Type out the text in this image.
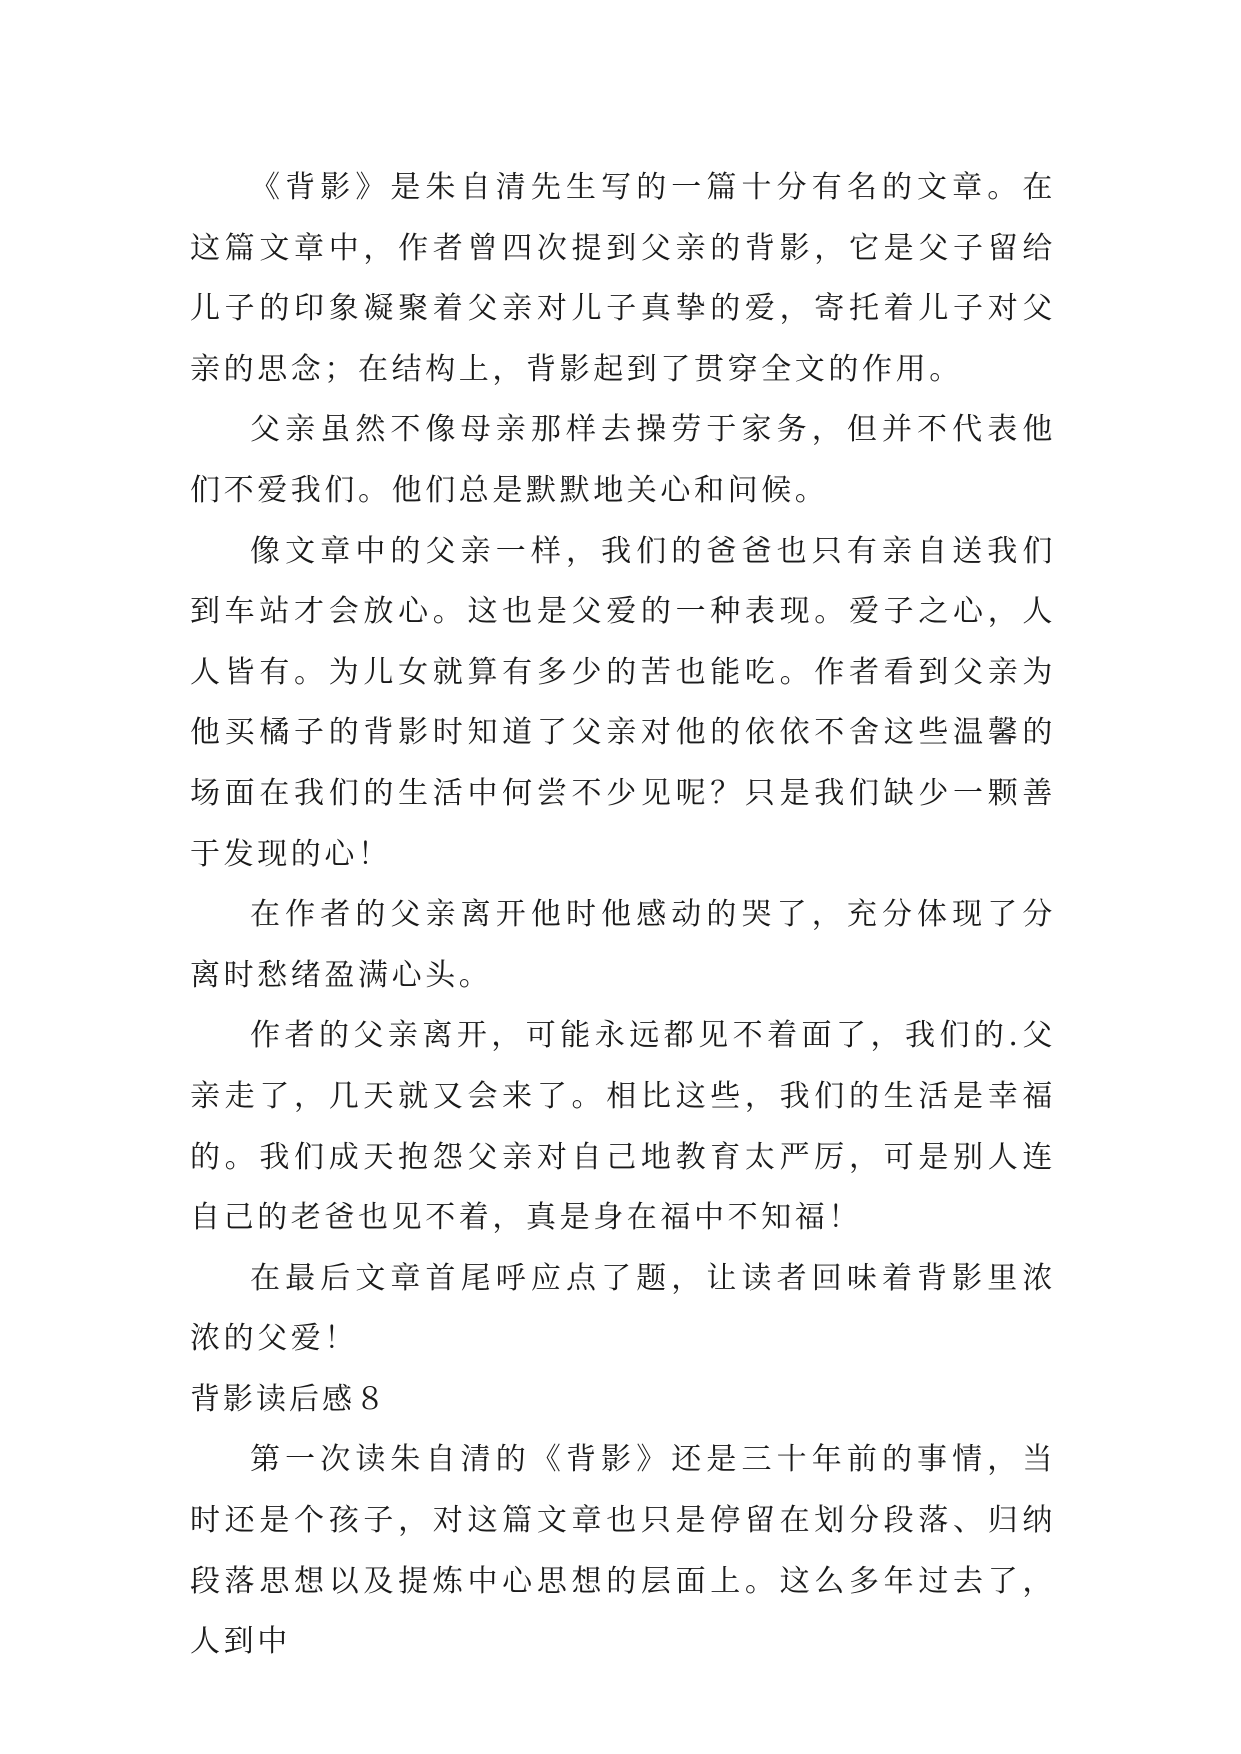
《背影》是朱自清先生写的一篇十分有名的文章。在这篇文章中，作者曾四次提到父亲的背影，它是父子留给儿子的印象凝聚着父亲对儿子真挚的爱，寄托着儿子对父亲的思念；在结构上，背影起到了贯穿全文的作用。

父亲虽然不像母亲那样去操劳于家务，但并不代表他们不爱我们。他们总是默默地关心和问候。

像文章中的父亲一样，我们的爸爸也只有亲自送我们到车站才会放心。这也是父爱的一种表现。爱子之心，人人皆有。为儿女就算有多少的苦也能吃。作者看到父亲为他买橘子的背影时知道了父亲对他的依依不舍这些温馨的场面在我们的生活中何尝不少见呢？只是我们缺少一颗善于发现的心！

在作者的父亲离开他时他感动的哭了，充分体现了分离时愁绪盈满心头。

作者的父亲离开，可能永远都见不着面了，我们的.父亲走了，几天就又会来了。相比这些，我们的生活是幸福的。我们成天抱怨父亲对自己地教育太严厉，可是别人连自己的老爸也见不着，真是身在福中不知福！

在最后文章首尾呼应点了题，让读者回味着背影里浓浓的父爱！

背影读后感８

第一次读朱自清的《背影》还是三十年前的事情，当时还是个孩子，对这篇文章也只是停留在划分段落、归纳段落思想以及提炼中心思想的层面上。这么多年过去了，人到中
